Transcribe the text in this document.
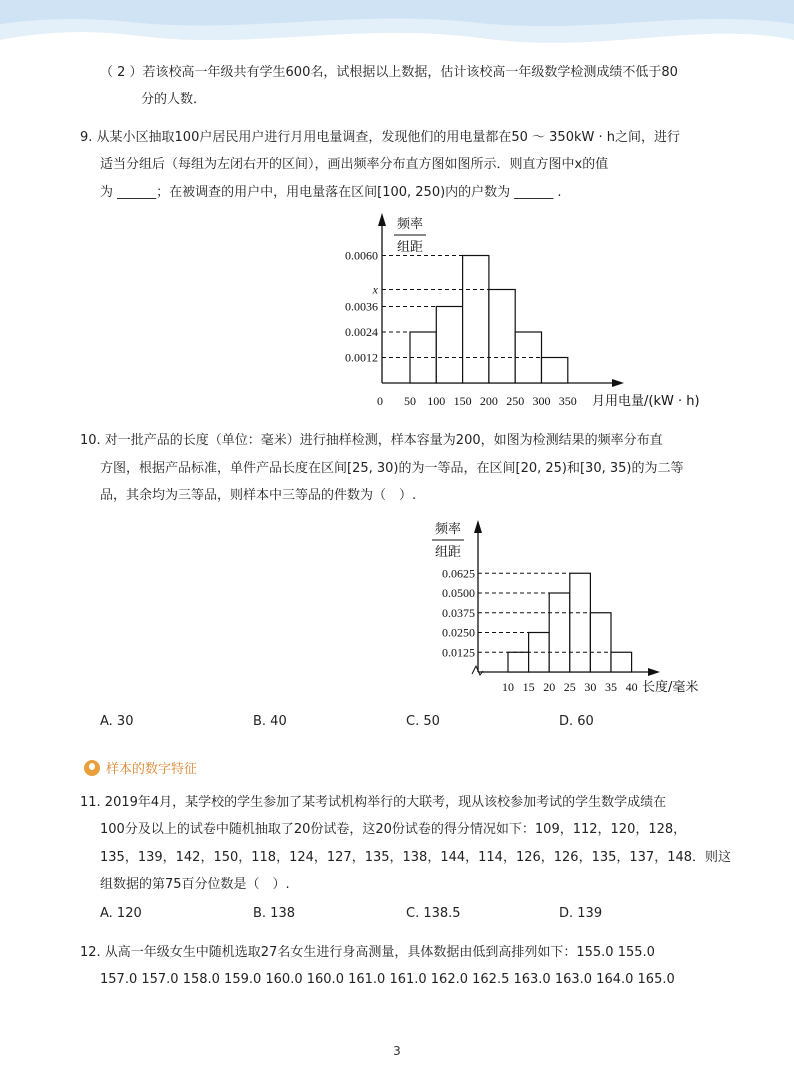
（ 2 ）若该校高一年级共有学生600名，试根据以上数据，估计该校高一年级数学检测成绩不低于80
分的人数．
9. 从某小区抽取100户居民用户进行月用电量调查，发现他们的用电量都在50 ～ 350kW · h之间，进行
适当分组后（每组为左闭右开的区间），画出频率分布直方图如图所示．则直方图中x的值
为 ______；在被调查的用户中，用电量落在区间[100, 250)内的户数为 ______ .
0.0060
x
0.0036
0.0024
0.0012
50 100 150 200 250 300 350
0
频率
组距
月用电量/(kW · h)
10. 对一批产品的长度（单位：毫米）进行抽样检测，样本容量为200，如图为检测结果的频率分布直
方图，根据产品标准，单件产品长度在区间[25, 30)的为一等品，在区间[20, 25)和[30, 35)的为二等
品，其余均为三等品，则样本中三等品的件数为（　）.
0.0625
0.0500
0.0375
0.0250
0.0125
10 15 20 25 30 35 40
频率
组距
长度/毫米
A. 30	B. 40	C. 50	D. 60
样本的数字特征
11. 2019年4月，某学校的学生参加了某考试机构举行的大联考，现从该校参加考试的学生数学成绩在
100分及以上的试卷中随机抽取了20份试卷，这20份试卷的得分情况如下：109，112，120，128，
135，139，142，150，118，124，127，135，138，144，114，126，126，135，137，148．则这
组数据的第75百分位数是（　）.
A. 120	B. 138	C. 138.5	D. 139
12. 从高一年级女生中随机选取27名女生进行身高测量，具体数据由低到高排列如下：155.0 155.0
157.0 157.0 158.0 159.0 160.0 160.0 161.0 161.0 162.0 162.5 163.0 163.0 164.0 165.0
3
